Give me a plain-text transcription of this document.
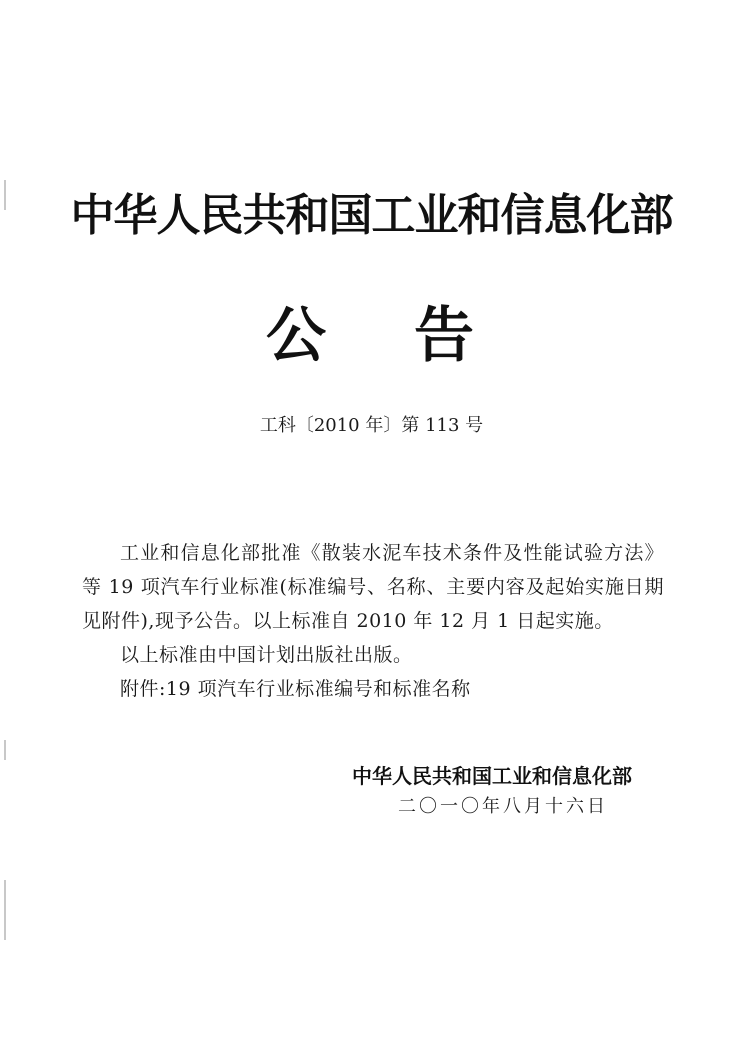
中华人民共和国工业和信息化部
公 告
工科〔2010 年〕第 113 号

工业和信息化部批准《散装水泥车技术条件及性能试验方法》等 19 项汽车行业标准(标准编号、名称、主要内容及起始实施日期见附件),现予公告。以上标准自 2010 年 12 月 1 日起实施。

以上标准由中国计划出版社出版。

附件:19 项汽车行业标准编号和标准名称

中华人民共和国工业和信息化部
二〇一〇年八月十六日
